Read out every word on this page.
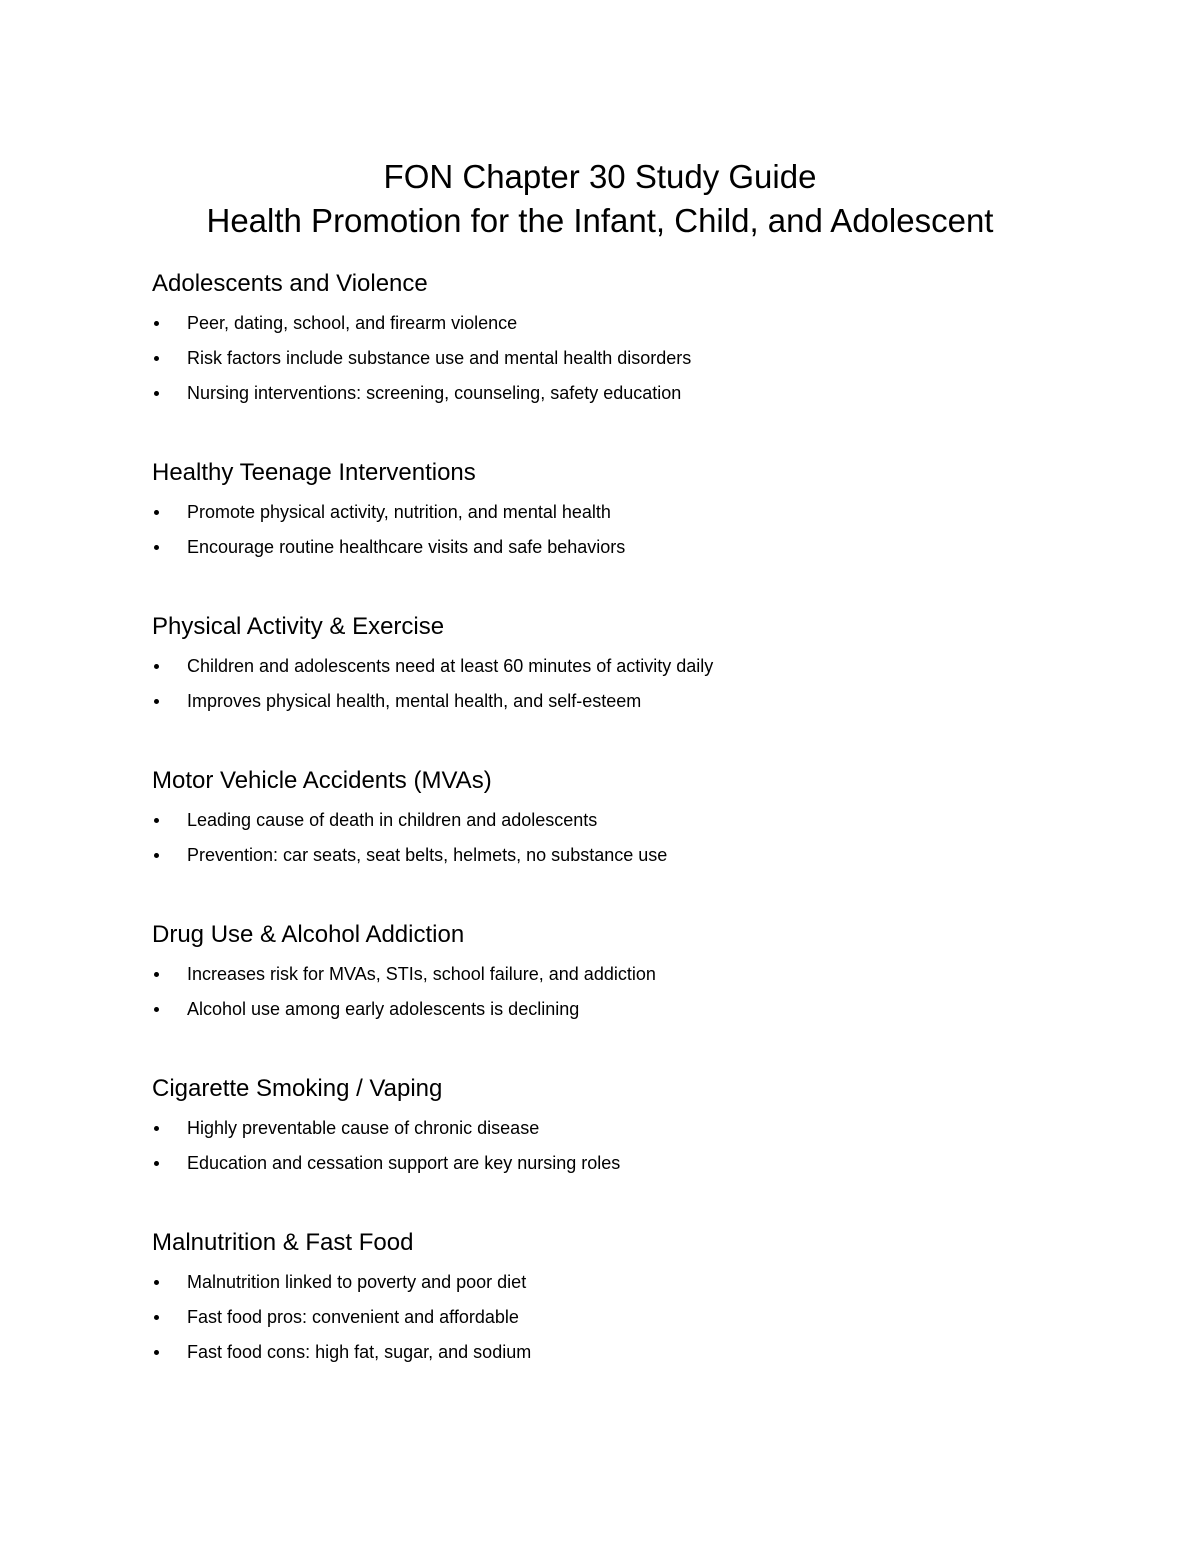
FON Chapter 30 Study Guide
Health Promotion for the Infant, Child, and Adolescent
Adolescents and Violence
Peer, dating, school, and firearm violence
Risk factors include substance use and mental health disorders
Nursing interventions: screening, counseling, safety education
Healthy Teenage Interventions
Promote physical activity, nutrition, and mental health
Encourage routine healthcare visits and safe behaviors
Physical Activity & Exercise
Children and adolescents need at least 60 minutes of activity daily
Improves physical health, mental health, and self-esteem
Motor Vehicle Accidents (MVAs)
Leading cause of death in children and adolescents
Prevention: car seats, seat belts, helmets, no substance use
Drug Use & Alcohol Addiction
Increases risk for MVAs, STIs, school failure, and addiction
Alcohol use among early adolescents is declining
Cigarette Smoking / Vaping
Highly preventable cause of chronic disease
Education and cessation support are key nursing roles
Malnutrition & Fast Food
Malnutrition linked to poverty and poor diet
Fast food pros: convenient and affordable
Fast food cons: high fat, sugar, and sodium
